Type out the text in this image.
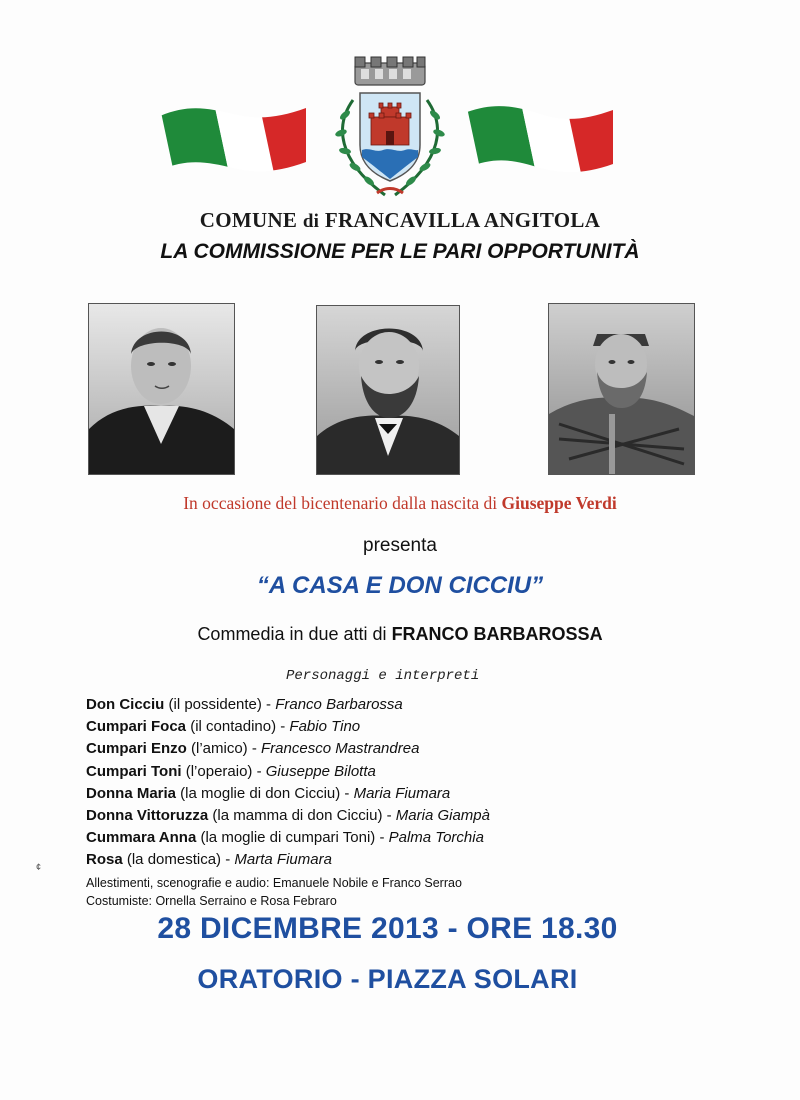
COMUNE di FRANCAVILLA ANGITOLA
LA COMMISSIONE PER LE PARI OPPORTUNITÀ
In occasione del bicentenario dalla nascita di Giuseppe Verdi
presenta
“A CASA E DON CICCIU”
Commedia in due atti di FRANCO BARBAROSSA
Personaggi e interpreti
Don Cicciu (il possidente) - Franco Barbarossa
Cumpari Foca (il contadino) - Fabio Tino
Cumpari Enzo (l’amico) - Francesco Mastrandrea
Cumpari Toni (l’operaio) - Giuseppe Bilotta
Donna Maria (la moglie di don Cicciu) - Maria Fiumara
Donna Vittoruzza (la mamma di don Cicciu) - Maria Giampà
Cummara Anna (la moglie di cumpari Toni) - Palma Torchia
Rosa (la domestica) - Marta Fiumara
¢
Allestimenti, scenografie e audio: Emanuele Nobile e Franco Serrao
Costumiste: Ornella Serraino e Rosa Febraro
28 DICEMBRE 2013 - ORE 18.30
ORATORIO - PIAZZA SOLARI
